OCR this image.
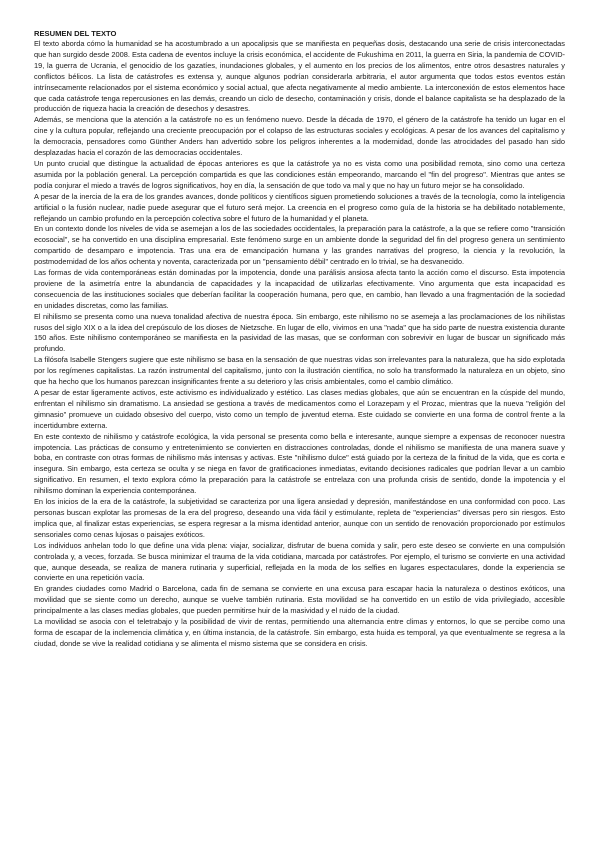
RESUMEN DEL TEXTO

El texto aborda cómo la humanidad se ha acostumbrado a un apocalipsis que se manifiesta en pequeñas dosis, destacando una serie de crisis interconectadas que han surgido desde 2008. Esta cadena de eventos incluye la crisis económica, el accidente de Fukushima en 2011, la guerra en Siria, la pandemia de COVID-19, la guerra de Ucrania, el genocidio de los gazatíes, inundaciones globales, y el aumento en los precios de los alimentos, entre otros desastres naturales y conflictos bélicos. La lista de catástrofes es extensa y, aunque algunos podrían considerarla arbitraria, el autor argumenta que todos estos eventos están intrínsecamente relacionados por el sistema económico y social actual, que afecta negativamente al medio ambiente. La interconexión de estos elementos hace que cada catástrofe tenga repercusiones en las demás, creando un ciclo de desecho, contaminación y crisis, donde el balance capitalista se ha desplazado de la producción de riqueza hacia la creación de desechos y desastres.

Además, se menciona que la atención a la catástrofe no es un fenómeno nuevo. Desde la década de 1970, el género de la catástrofe ha tenido un lugar en el cine y la cultura popular, reflejando una creciente preocupación por el colapso de las estructuras sociales y ecológicas. A pesar de los avances del capitalismo y la democracia, pensadores como Günther Anders han advertido sobre los peligros inherentes a la modernidad, donde las atrocidades del pasado han sido desplazadas hacia el corazón de las democracias occidentales.

Un punto crucial que distingue la actualidad de épocas anteriores es que la catástrofe ya no es vista como una posibilidad remota, sino como una certeza asumida por la población general. La percepción compartida es que las condiciones están empeorando, marcando el "fin del progreso". Mientras que antes se podía conjurar el miedo a través de logros significativos, hoy en día, la sensación de que todo va mal y que no hay un futuro mejor se ha consolidado.

A pesar de la inercia de la era de los grandes avances, donde políticos y científicos siguen prometiendo soluciones a través de la tecnología, como la inteligencia artificial o la fusión nuclear, nadie puede asegurar que el futuro será mejor. La creencia en el progreso como guía de la historia se ha debilitado notablemente, reflejando un cambio profundo en la percepción colectiva sobre el futuro de la humanidad y el planeta.

En un contexto donde los niveles de vida se asemejan a los de las sociedades occidentales, la preparación para la catástrofe, a la que se refiere como "transición ecosocial", se ha convertido en una disciplina empresarial. Este fenómeno surge en un ambiente donde la seguridad del fin del progreso genera un sentimiento compartido de desamparo e impotencia. Tras una era de emancipación humana y las grandes narrativas del progreso, la ciencia y la revolución, la postmodernidad de los años ochenta y noventa, caracterizada por un "pensamiento débil" centrado en lo trivial, se ha desvanecido.

Las formas de vida contemporáneas están dominadas por la impotencia, donde una parálisis ansiosa afecta tanto la acción como el discurso. Esta impotencia proviene de la asimetría entre la abundancia de capacidades y la incapacidad de utilizarlas efectivamente. Vino argumenta que esta incapacidad es consecuencia de las instituciones sociales que deberían facilitar la cooperación humana, pero que, en cambio, han llevado a una fragmentación de la sociedad en unidades discretas, como las familias.

El nihilismo se presenta como una nueva tonalidad afectiva de nuestra época. Sin embargo, este nihilismo no se asemeja a las proclamaciones de los nihilistas rusos del siglo XIX o a la idea del crepúsculo de los dioses de Nietzsche. En lugar de ello, vivimos en una "nada" que ha sido parte de nuestra existencia durante 150 años. Este nihilismo contemporáneo se manifiesta en la pasividad de las masas, que se conforman con sobrevivir en lugar de buscar un significado más profundo.

La filósofa Isabelle Stengers sugiere que este nihilismo se basa en la sensación de que nuestras vidas son irrelevantes para la naturaleza, que ha sido explotada por los regímenes capitalistas. La razón instrumental del capitalismo, junto con la ilustración científica, no solo ha transformado la naturaleza en un objeto, sino que ha hecho que los humanos parezcan insignificantes frente a su deterioro y las crisis ambientales, como el cambio climático.

A pesar de estar ligeramente activos, este activismo es individualizado y estético. Las clases medias globales, que aún se encuentran en la cúspide del mundo, enfrentan el nihilismo sin dramatismo. La ansiedad se gestiona a través de medicamentos como el Lorazepam y el Prozac, mientras que la nueva "religión del gimnasio" promueve un cuidado obsesivo del cuerpo, visto como un templo de juventud eterna. Este cuidado se convierte en una forma de control frente a la incertidumbre externa.

En este contexto de nihilismo y catástrofe ecológica, la vida personal se presenta como bella e interesante, aunque siempre a expensas de reconocer nuestra impotencia. Las prácticas de consumo y entretenimiento se convierten en distracciones controladas, donde el nihilismo se manifiesta de una manera suave y boba, en contraste con otras formas de nihilismo más intensas y activas. Este "nihilismo dulce" está guiado por la certeza de la finitud de la vida, que es corta e insegura. Sin embargo, esta certeza se oculta y se niega en favor de gratificaciones inmediatas, evitando decisiones radicales que podrían llevar a un cambio significativo. En resumen, el texto explora cómo la preparación para la catástrofe se entrelaza con una profunda crisis de sentido, donde la impotencia y el nihilismo dominan la experiencia contemporánea.

En los inicios de la era de la catástrofe, la subjetividad se caracteriza por una ligera ansiedad y depresión, manifestándose en una conformidad con poco. Las personas buscan explotar las promesas de la era del progreso, deseando una vida fácil y estimulante, repleta de "experiencias" diversas pero sin riesgos. Esto implica que, al finalizar estas experiencias, se espera regresar a la misma identidad anterior, aunque con un sentido de renovación proporcionado por estímulos sensoriales como cenas lujosas o paisajes exóticos.

Los individuos anhelan todo lo que define una vida plena: viajar, socializar, disfrutar de buena comida y salir, pero este deseo se convierte en una compulsión controlada y, a veces, forzada. Se busca minimizar el trauma de la vida cotidiana, marcada por catástrofes. Por ejemplo, el turismo se convierte en una actividad que, aunque deseada, se realiza de manera rutinaria y superficial, reflejada en la moda de los selfies en lugares espectaculares, donde la experiencia se convierte en una repetición vacía.

En grandes ciudades como Madrid o Barcelona, cada fin de semana se convierte en una excusa para escapar hacia la naturaleza o destinos exóticos, una movilidad que se siente como un derecho, aunque se vuelve también rutinaria. Esta movilidad se ha convertido en un estilo de vida privilegiado, accesible principalmente a las clases medias globales, que pueden permitirse huir de la masividad y el ruido de la ciudad.

La movilidad se asocia con el teletrabajo y la posibilidad de vivir de rentas, permitiendo una alternancia entre climas y entornos, lo que se percibe como una forma de escapar de la inclemencia climática y, en última instancia, de la catástrofe. Sin embargo, esta huida es temporal, ya que eventualmente se regresa a la ciudad, donde se vive la realidad cotidiana y se alimenta el mismo sistema que se considera en crisis.
